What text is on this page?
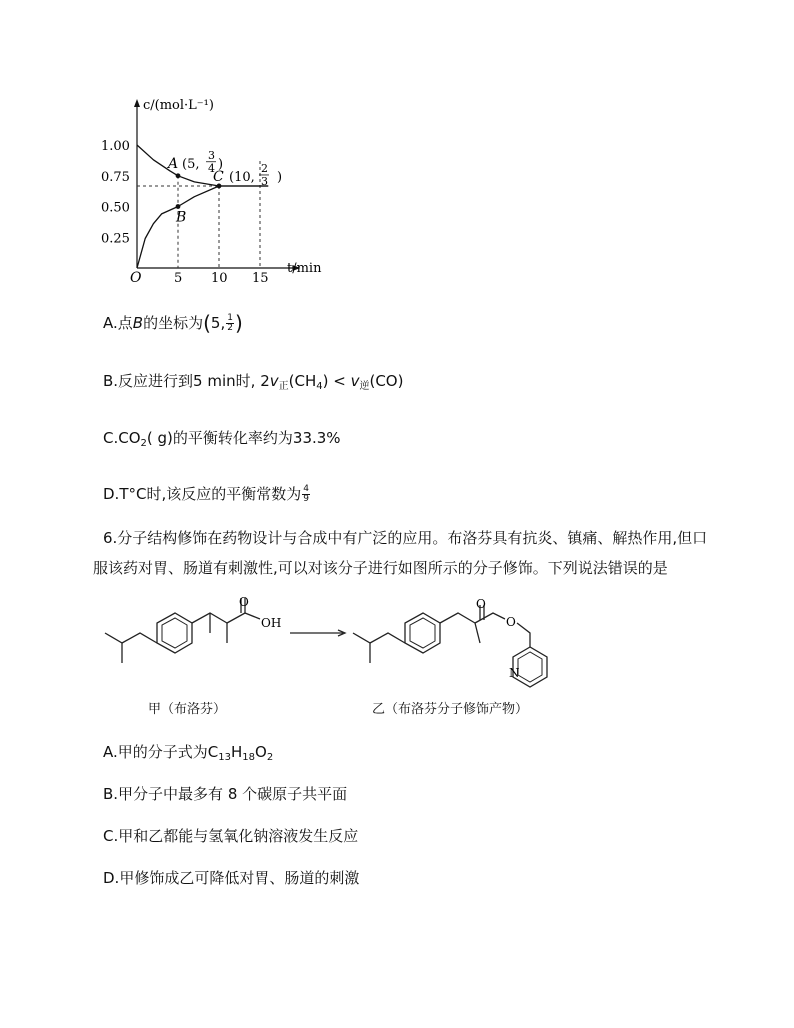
c/(mol·L⁻¹)
t/min
O	5 10 15
0.25
0.50
0.75
1.00
A (5,
3
4 )
B
C (10,
2
3 )
A.点B的坐标为(5, $\frac{1}{2}$ )
B.反应进行到5 min时, $2v_正(CH_4) < v_逆(CO)$
$C.CO_2$( g)的平衡转化率约为33.3%
D.T°C时,该反应的平衡常数为 $\frac{4}{9}$
6.分子结构修饰在药物设计与合成中有广泛的应用。布洛芬具有抗炎、镇痛、解热作用,但口
服该药对胃、肠道有刺激性,可以对该分子进行如图所示的分子修饰。下列说法错误的是
O
OH
O
O
N
甲（布洛芬）	乙（布洛芬分子修饰产物）
A.甲的分子式为$C_{13}H_{18}O_2$
B.甲分子中最多有 8 个碳原子共平面
C.甲和乙都能与氢氧化钠溶液发生反应
D.甲修饰成乙可降低对胃、肠道的刺激
